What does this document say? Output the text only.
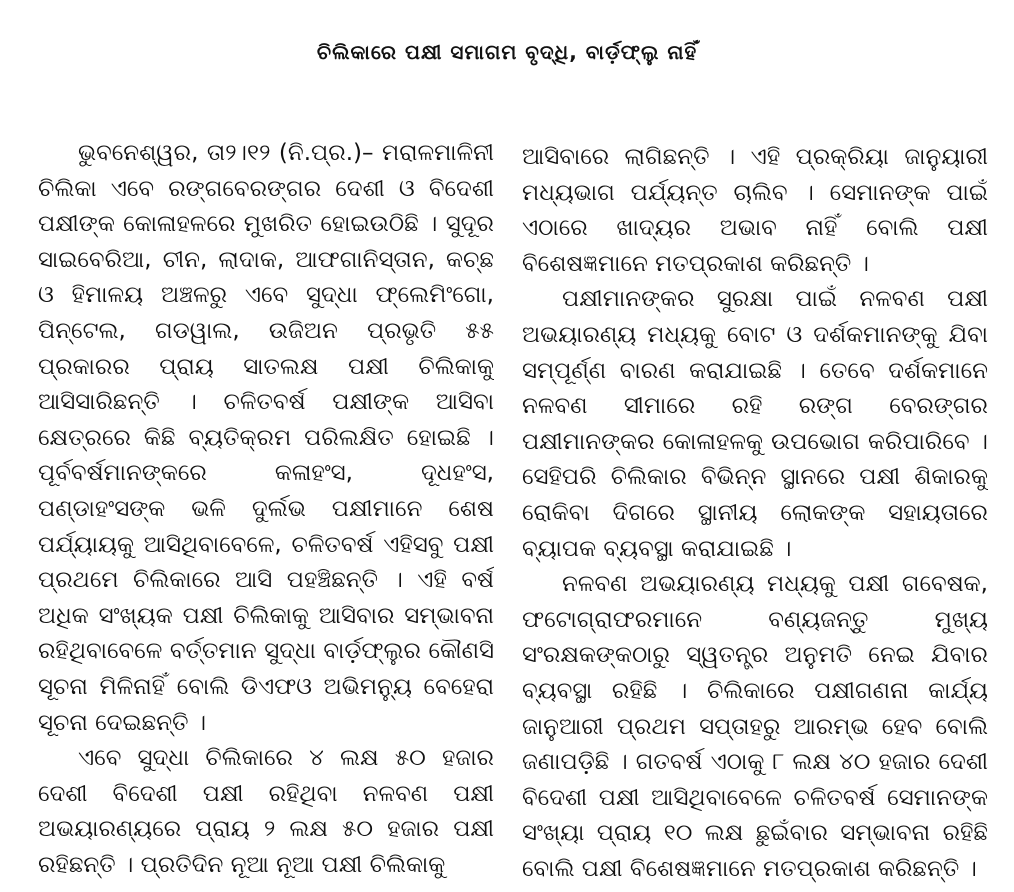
ଚିଲିକାରେ ପକ୍ଷୀ ସମାଗମ ବୃଦ୍ଧି, ବାର୍ଡ଼ଫ୍ଲୁ ନାହିଁ

ଭୁବନେଶ୍ୱର, ତା୨।୧୨ (ନି.ପ୍ର.)– ମରାଳମାଳିନୀ ଚିଲିକା ଏବେ ରଙ୍ଗବେରଙ୍ଗର ଦେଶୀ ଓ ବିଦେଶୀ ପକ୍ଷୀଙ୍କ କୋଳାହଳରେ ମୁଖରିତ ହୋଇଉଠିଛି । ସୁଦୂର ସାଇବେରିଆ, ଚୀନ, ଲାଦାକ, ଆଫଗାନିସ୍ତାନ, କଚ୍ଛ ଓ ହିମାଳୟ ଅଞ୍ଚଳରୁ ଏବେ ସୁଦ୍ଧା ଫ୍ଲେମିଂଗୋ, ପିନ୍‌ଟେଲ, ଗଡୱାଲ, ଉଜିଅନ ପ୍ରଭୃତି ୫୫ ପ୍ରକାରର ପ୍ରାୟ ସାତଲକ୍ଷ ପକ୍ଷୀ ଚିଲିକାକୁ ଆସିସାରିଛନ୍ତି । ଚଳିତବର୍ଷ ପକ୍ଷୀଙ୍କ ଆସିବା କ୍ଷେତ୍ରରେ କିଛି ବ୍ୟତିକ୍ରମ ପରିଲକ୍ଷିତ ହୋଇଛି । ପୂର୍ବବର୍ଷମାନଙ୍କରେ କଳାହଂସ, ଦୂଧହଂସ, ପଣ୍ଡାହଂସଙ୍କ ଭଳି ଦୁର୍ଲଭ ପକ୍ଷୀମାନେ ଶେଷ ପର୍ଯ୍ୟାୟକୁ ଆସିଥିବାବେଳେ, ଚଳିତବର୍ଷ ଏହିସବୁ ପକ୍ଷୀ ପ୍ରଥମେ ଚିଲିକାରେ ଆସି ପହଞ୍ଚିଛନ୍ତି । ଏହି ବର୍ଷ ଅଧିକ ସଂଖ୍ୟକ ପକ୍ଷୀ ଚିଲିକାକୁ ଆସିବାର ସମ୍ଭାବନା ରହିଥିବାବେଳେ ବର୍ତ୍ତମାନ ସୁଦ୍ଧା ବାର୍ଡ଼ଫ୍ଲୁର କୌଣସି ସୂଚନା ମିଳିନାହିଁ ବୋଲି ଡିଏଫଓ ଅଭିମନ୍ୟୁ ବେହେରା ସୂଚନା ଦେଇଛନ୍ତି ।

ଏବେ ସୁଦ୍ଧା ଚିଲିକାରେ ୪ ଲକ୍ଷ ୫୦ ହଜାର ଦେଶୀ ବିଦେଶୀ ପକ୍ଷୀ ରହିଥିବା ନଳବଣ ପକ୍ଷୀ ଅଭୟାରଣ୍ୟରେ ପ୍ରାୟ ୨ ଲକ୍ଷ ୫୦ ହଜାର ପକ୍ଷୀ ରହିଛନ୍ତି । ପ୍ରତିଦିନ ନୂଆ ନୂଆ ପକ୍ଷୀ ଚିଲିକାକୁ

ଆସିବାରେ ଲାଗିଛନ୍ତି । ଏହି ପ୍ରକ୍ରିୟା ଜାନୁୟାରୀ ମଧ୍ୟଭାଗ ପର୍ଯ୍ୟନ୍ତ ଚାଲିବ । ସେମାନଙ୍କ ପାଇଁ ଏଠାରେ ଖାଦ୍ୟର ଅଭାବ ନାହିଁ ବୋଲି ପକ୍ଷୀ ବିଶେଷଜ୍ଞମାନେ ମତପ୍ରକାଶ କରିଛନ୍ତି ।

ପକ୍ଷୀମାନଙ୍କର ସୁରକ୍ଷା ପାଇଁ ନଳବଣ ପକ୍ଷୀ ଅଭୟାରଣ୍ୟ ମଧ୍ୟକୁ ବୋଟ ଓ ଦର୍ଶକମାନଙ୍କୁ ଯିବା ସମ୍ପୂର୍ଣ୍ଣ ବାରଣ କରାଯାଇଛି । ତେବେ ଦର୍ଶକମାନେ ନଳବଣ ସୀମାରେ ରହି ରଙ୍ଗ ବେରଙ୍ଗର ପକ୍ଷୀମାନଙ୍କର କୋଳାହଳକୁ ଉପଭୋଗ କରିପାରିବେ । ସେହିପରି ଚିଲିକାର ବିଭିନ୍ନ ସ୍ଥାନରେ ପକ୍ଷୀ ଶିକାରକୁ ରୋକିବା ଦିଗରେ ସ୍ଥାନୀୟ ଲୋକଙ୍କ ସହାୟତାରେ ବ୍ୟାପକ ବ୍ୟବସ୍ଥା କରାଯାଇଛି ।

ନଳବଣ ଅଭୟାରଣ୍ୟ ମଧ୍ୟକୁ ପକ୍ଷୀ ଗବେଷକ, ଫଟୋଗ୍ରାଫରମାନେ ବଣ୍ୟଜନ୍ତୁ ମୁଖ୍ୟ ସଂରକ୍ଷକଙ୍କଠାରୁ ସ୍ୱତନ୍ତ୍ର ଅନୁମତି ନେଇ ଯିବାର ବ୍ୟବସ୍ଥା ରହିଛି । ଚିଲିକାରେ ପକ୍ଷୀଗଣନା କାର୍ଯ୍ୟ ଜାନୁଆରୀ ପ୍ରଥମ ସପ୍ତାହରୁ ଆରମ୍ଭ ହେବ ବୋଲି ଜଣାପଡ଼ିଛି । ଗତବର୍ଷ ଏଠାକୁ ୮ ଲକ୍ଷ ୪୦ ହଜାର ଦେଶୀ ବିଦେଶୀ ପକ୍ଷୀ ଆସିଥିବାବେଳେ ଚଳିତବର୍ଷ ସେମାନଙ୍କ ସଂଖ୍ୟା ପ୍ରାୟ ୧୦ ଲକ୍ଷ ଛୁଇଁବାର ସମ୍ଭାବନା ରହିଛି ବୋଲି ପକ୍ଷୀ ବିଶେଷଜ୍ଞମାନେ ମତପ୍ରକାଶ କରିଛନ୍ତି ।
